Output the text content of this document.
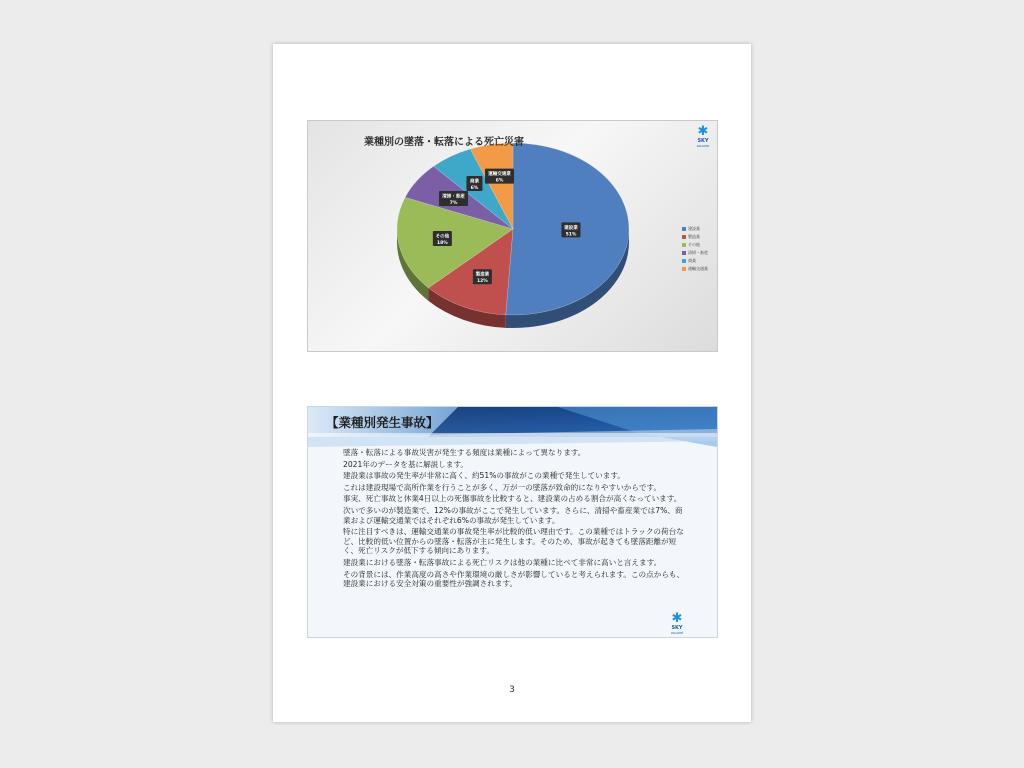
建設業
51%
製造業
12%
その他
18%
清掃・畜産
7%
商業
6%
運輸交通業
6%
業種別の墜落・転落による死亡災害
✱
SKY
WALKER
建設業
製造業
その他
清掃・畜産
商業
運輸交通業
【業種別発生事故】

墜落・転落による事故災害が発生する頻度は業種によって異なります。

2021年のデータを基に解説します。

建設業は事故の発生率が非常に高く、約51%の事故がこの業種で発生しています。

これは建設現場で高所作業を行うことが多く、万が一の墜落が致命的になりやすいからです。

事実、死亡事故と休業4日以上の死傷事故を比較すると、建設業の占める割合が高くなっています。

次いで多いのが製造業で、12%の事故がここで発生しています。さらに、清掃や畜産業では7%、商業および運輸交通業ではそれぞれ6%の事故が発生しています。

特に注目すべきは、運輸交通業の事故発生率が比較的低い理由です。この業種ではトラックの荷台など、比較的低い位置からの墜落・転落が主に発生します。そのため、事故が起きても墜落距離が短く、死亡リスクが低下する傾向にあります。

建設業における墜落・転落事故による死亡リスクは他の業種に比べて非常に高いと言えます。

その背景には、作業高度の高さや作業環境の厳しさが影響していると考えられます。この点からも、建設業における安全対策の重要性が強調されます。

✱
SKY
WALKER
3
